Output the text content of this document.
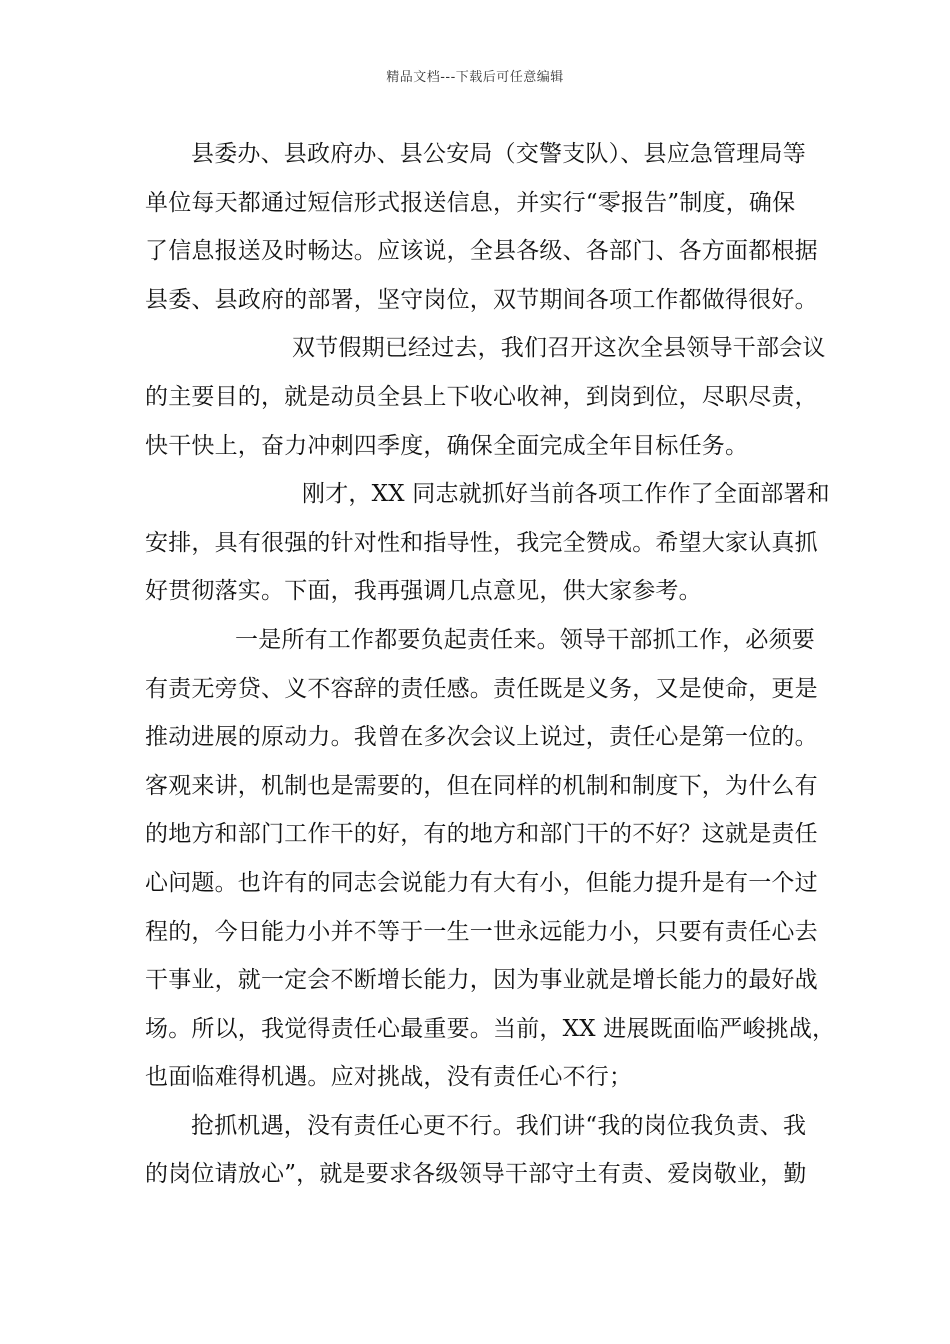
精品文档---下载后可任意编辑
县委办、县政府办、县公安局（交警支队）、县应急管理局等
单位每天都通过短信形式报送信息，并实行“零报告”制度，确保
了信息报送及时畅达。应该说，全县各级、各部门、各方面都根据
县委、县政府的部署，坚守岗位，双节期间各项工作都做得很好。
双节假期已经过去，我们召开这次全县领导干部会议
的主要目的，就是动员全县上下收心收神，到岗到位，尽职尽责，
快干快上，奋力冲刺四季度，确保全面完成全年目标任务。
刚才，XX 同志就抓好当前各项工作作了全面部署和
安排，具有很强的针对性和指导性，我完全赞成。希望大家认真抓
好贯彻落实。下面，我再强调几点意见，供大家参考。
一是所有工作都要负起责任来。领导干部抓工作，必须要
有责无旁贷、义不容辞的责任感。责任既是义务，又是使命，更是
推动进展的原动力。我曾在多次会议上说过，责任心是第一位的。
客观来讲，机制也是需要的，但在同样的机制和制度下，为什么有
的地方和部门工作干的好，有的地方和部门干的不好？这就是责任
心问题。也许有的同志会说能力有大有小，但能力提升是有一个过
程的，今日能力小并不等于一生一世永远能力小，只要有责任心去
干事业，就一定会不断增长能力，因为事业就是增长能力的最好战
场。所以，我觉得责任心最重要。当前，XX 进展既面临严峻挑战，
也面临难得机遇。应对挑战，没有责任心不行；
抢抓机遇，没有责任心更不行。我们讲“我的岗位我负责、我
的岗位请放心”，就是要求各级领导干部守土有责、爱岗敬业，勤
